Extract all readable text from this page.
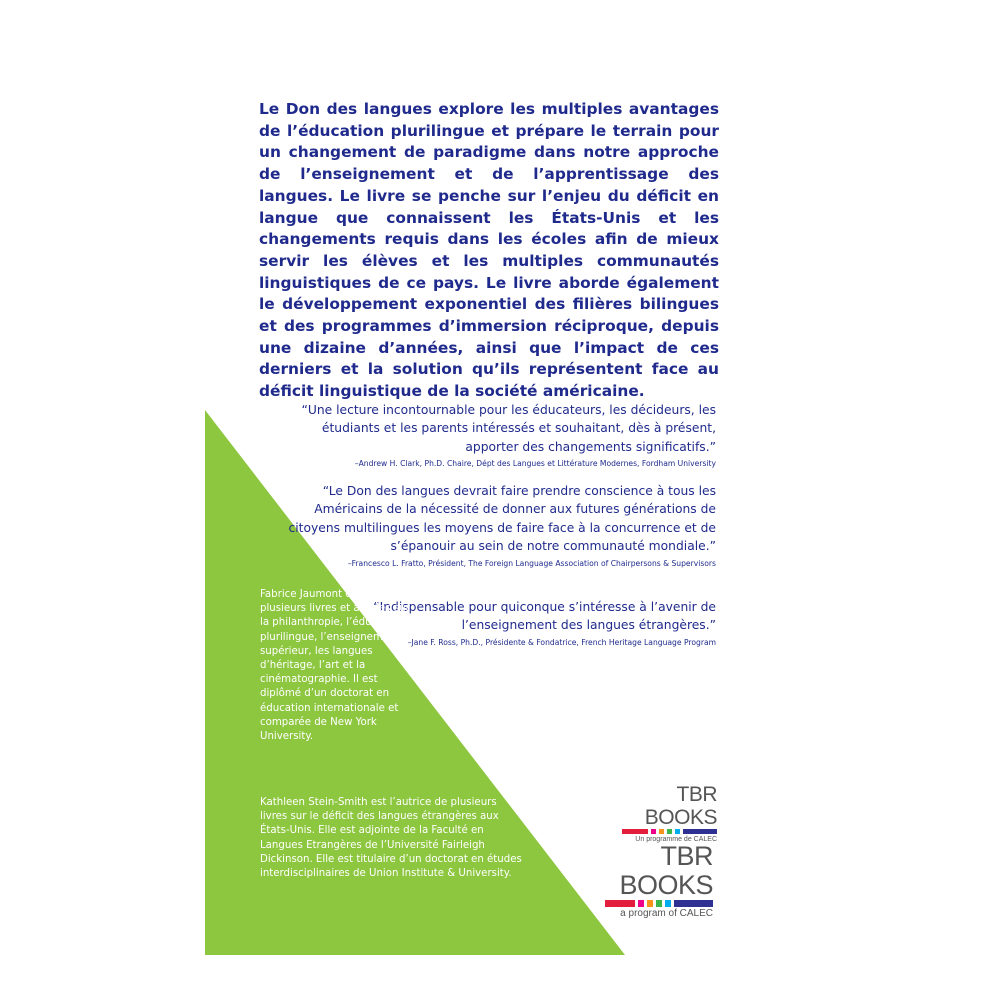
Le Don des langues explore les multiples avantages de l’éducation plurilingue et prépare le terrain pour un changement de paradigme dans notre approche de l’enseignement et de l’apprentissage des langues. Le livre se penche sur l’enjeu du déficit en langue que connaissent les États-Unis et les changements requis dans les écoles afin de mieux servir les élèves et les multiples communautés linguistiques de ce pays. Le livre aborde également le développement exponentiel des filières bilingues et des programmes d’immersion réciproque, depuis une dizaine d’années, ainsi que l’impact de ces derniers et la solution qu’ils représentent face au déficit linguistique de la société américaine.

“Une lecture incontournable pour les éducateurs, les décideurs, les étudiants et les parents intéressés et souhaitant, dès à présent, apporter des changements significatifs.”

–Andrew H. Clark, Ph.D. Chaire, Dépt des Langues et Littérature Modernes, Fordham University

“Le Don des langues devrait faire prendre conscience à tous les Américains de la nécessité de donner aux futures générations de citoyens multilingues les moyens de faire face à la concurrence et de s’épanouir au sein de notre communauté mondiale.”

–Francesco L. Fratto, Président, The Foreign Language Association of Chairpersons & Supervisors

“Indispensable pour quiconque s’intéresse à l’avenir de l’enseignement des langues étrangères.”

–Jane F. Ross, Ph.D., Présidente & Fondatrice, French Heritage Language Program

Fabrice Jaumont est l’auteur de plusieurs livres et articles sur la philanthropie, l’éducation plurilingue, l’enseignement supérieur, les langues d’héritage, l’art et la cinématographie. Il est diplômé d’un doctorat en éducation internationale et comparée de New York University.

Kathleen Stein-Smith est l’autrice de plusieurs livres sur le déficit des langues étrangères aux États-Unis. Elle est adjointe de la Faculté en Langues Etrangères de l’Université Fairleigh Dickinson. Elle est titulaire d’un doctorat en études interdisciplinaires de Union Institute & University.

TBR BOOKS
Un programme de CALEC
TBR BOOKS
a program of CALEC
